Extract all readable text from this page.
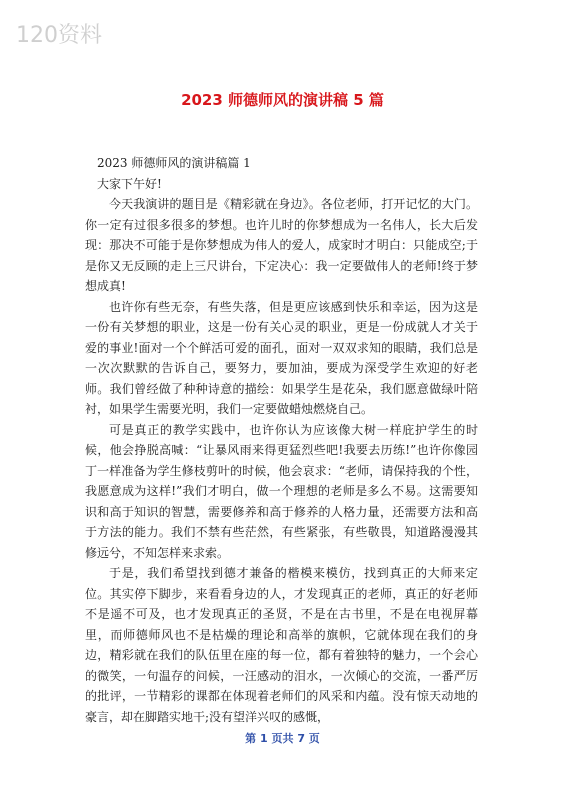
120资料
2023 师德师风的演讲稿 5 篇

2023 师德师风的演讲稿篇 1

大家下午好!

今天我演讲的题目是《精彩就在身边》。各位老师，打开记忆的大门。你一定有过很多很多的梦想。也许儿时的你梦想成为一名伟人，长大后发现：那决不可能于是你梦想成为伟人的爱人，成家时才明白：只能成空;于是你又无反顾的走上三尺讲台，下定决心：我一定要做伟人的老师!终于梦想成真!

也许你有些无奈，有些失落，但是更应该感到快乐和幸运，因为这是一份有关梦想的职业，这是一份有关心灵的职业，更是一份成就人才关于爱的事业!面对一个个鲜活可爱的面孔，面对一双双求知的眼睛，我们总是一次次默默的告诉自己，要努力，要加油，要成为深受学生欢迎的好老师。我们曾经做了种种诗意的描绘：如果学生是花朵，我们愿意做绿叶陪衬，如果学生需要光明，我们一定要做蜡烛燃烧自己。

可是真正的教学实践中，也许你认为应该像大树一样庇护学生的时候，他会挣脱高喊：“让暴风雨来得更猛烈些吧!我要去历练!”也许你像园丁一样准备为学生修枝剪叶的时候，他会哀求：“老师，请保持我的个性，我愿意成为这样!”我们才明白，做一个理想的老师是多么不易。这需要知识和高于知识的智慧，需要修养和高于修养的人格力量，还需要方法和高于方法的能力。我们不禁有些茫然，有些紧张，有些敬畏，知道路漫漫其修远兮，不知怎样来求索。

于是，我们希望找到德才兼备的楷模来模仿，找到真正的大师来定位。其实停下脚步，来看看身边的人，才发现真正的老师，真正的好老师不是遥不可及，也才发现真正的圣贤，不是在古书里，不是在电视屏幕里，而师德师风也不是枯燥的理论和高举的旗帜，它就体现在我们的身边，精彩就在我们的队伍里在座的每一位，都有着独特的魅力，一个会心的微笑，一句温存的问候，一汪感动的泪水，一次倾心的交流，一番严厉的批评，一节精彩的课都在体现着老师们的风采和内蕴。没有惊天动地的豪言，却在脚踏实地干;没有望洋兴叹的感慨，

第 1 页共 7 页
